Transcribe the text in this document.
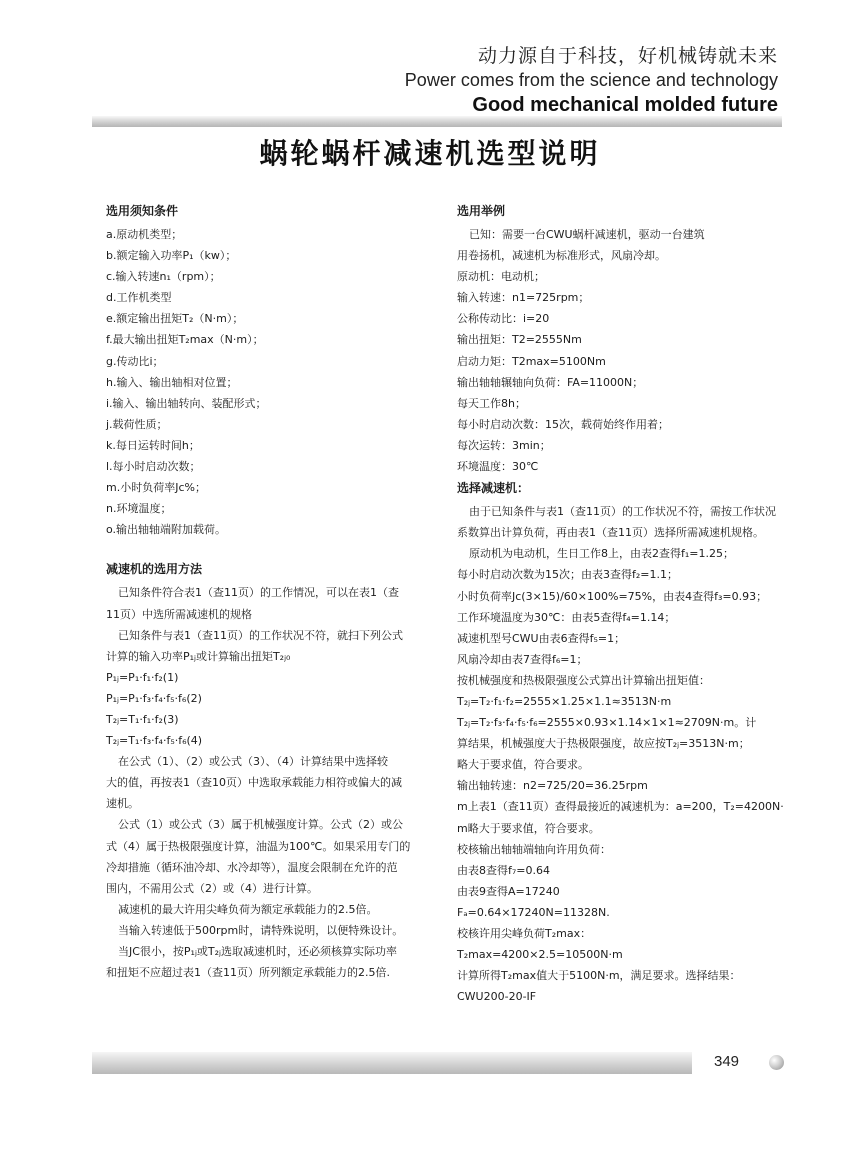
动力源自于科技，好机械铸就未来
Power comes from the science and technology
Good mechanical molded future
蜗轮蜗杆减速机选型说明
选用须知条件
a.原动机类型；
b.额定输入功率P₁（kw）；
c.输入转速n₁（rpm）；
d.工作机类型
e.额定输出扭矩T₂（N·m）；
f.最大输出扭矩T₂max（N·m）；
g.传动比i；
h.输入、输出轴相对位置；
i.输入、输出轴转向、装配形式；
j.载荷性质；
k.每日运转时间h；
l.每小时启动次数；
m.小时负荷率Jc%；
n.环境温度；
o.输出轴轴端附加载荷。
减速机的选用方法
已知条件符合表1（查11页）的工作情况，可以在表1（查
11页）中选所需减速机的规格
已知条件与表1（查11页）的工作状况不符，就扫下列公式
计算的输入功率P₁ⱼ或计算输出扭矩T₂ⱼ₀
P₁ⱼ=P₁·f₁·f₂(1)
P₁ⱼ=P₁·f₃·f₄·f₅·f₆(2)
T₂ⱼ=T₁·f₁·f₂(3)
T₂ⱼ=T₁·f₃·f₄·f₅·f₆(4)
在公式（1）、（2）或公式（3）、（4）计算结果中选择较
大的值，再按表1（查10页）中选取承载能力相符或偏大的减
速机。
公式（1）或公式（3）属于机械强度计算。公式（2）或公
式（4）属于热极限强度计算，油温为100℃。如果采用专门的
冷却措施（循环油冷却、水冷却等），温度会限制在允许的范
围内，不需用公式（2）或（4）进行计算。
减速机的最大许用尖峰负荷为额定承载能力的2.5倍。
当输入转速低于500rpm时，请特殊说明，以便特殊设计。
当JC很小，按P₁ⱼ或T₂ⱼ选取减速机时，还必须核算实际功率
和扭矩不应超过表1（查11页）所列额定承载能力的2.5倍.
选用举例
已知：需要一台CWU蜗杆减速机，驱动一台建筑
用卷扬机，减速机为标准形式，风扇冷却。
原动机：电动机；
输入转速：n1=725rpm；
公称传动比：i=20
输出扭矩：T2=2555Nm
启动力矩：T2max=5100Nm
输出轴轴辗轴向负荷：FA=11000N；
每天工作8h；
每小时启动次数：15次，载荷始终作用着；
每次运转：3min；
环境温度：30℃
选择减速机：
由于已知条件与表1（查11页）的工作状况不符，需按工作状况
系数算出计算负荷，再由表1（查11页）选择所需减速机规格。
原动机为电动机，生日工作8上，由表2查得f₁=1.25；
每小时启动次数为15次；由表3查得f₂=1.1；
小时负荷率Jc(3×15)/60×100%=75%，由表4查得f₃=0.93；
工作环境温度为30℃：由表5查得f₄=1.14；
减速机型号CWU由表6查得f₅=1；
风扇冷却由表7查得f₆=1；
按机械强度和热极限强度公式算出计算输出扭矩值：
T₂ⱼ=T₂·f₁·f₂=2555×1.25×1.1≈3513N·m
T₂ⱼ=T₂·f₃·f₄·f₅·f₆=2555×0.93×1.14×1×1≈2709N·m。计
算结果，机械强度大于热极限强度，故应按T₂ⱼ=3513N·m；
略大于要求值，符合要求。
输出轴转速：n2=725/20=36.25rpm
m上表1（查11页）查得最接近的减速机为：a=200，T₂=4200N·
m略大于要求值，符合要求。
校核输出轴轴端轴向许用负荷：
由表8查得f₇=0.64
由表9查得A=17240
Fₐ=0.64×17240N=11328N.
校核许用尖峰负荷T₂max：
T₂max=4200×2.5=10500N·m
计算所得T₂max值大于5100N·m，满足要求。选择结果：
CWU200-20-IF
349
